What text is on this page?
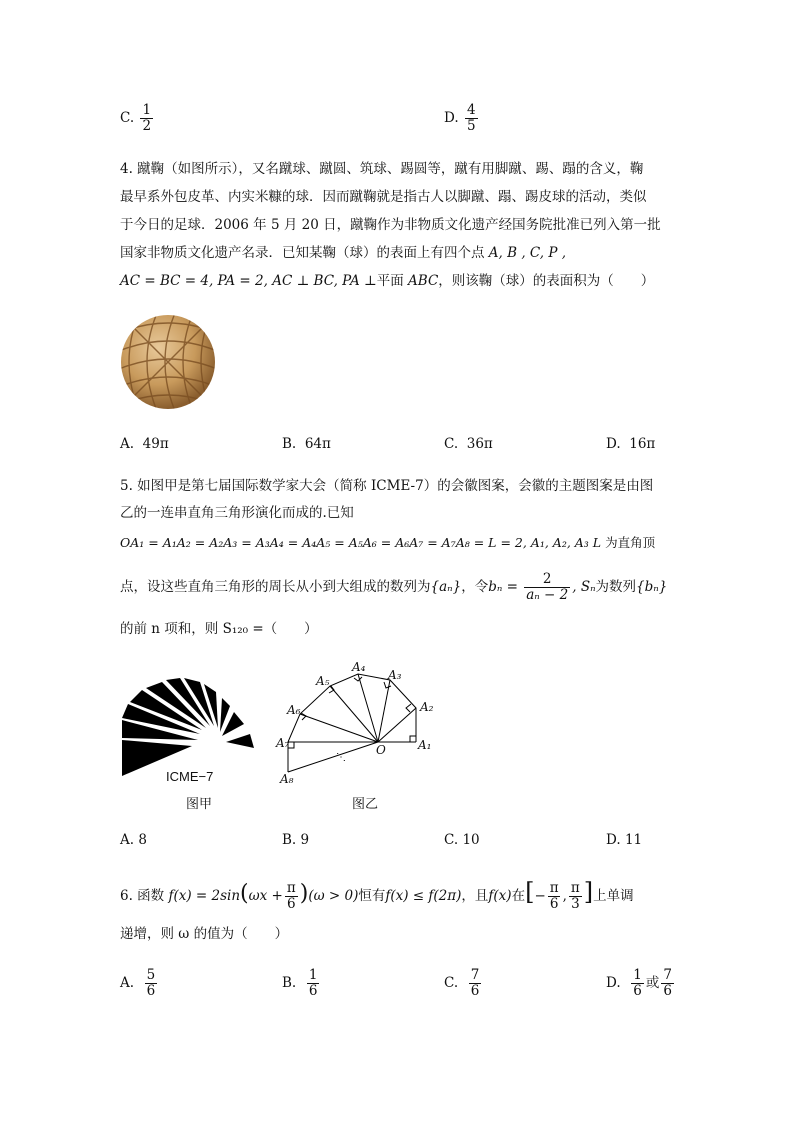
C. $\frac{1}{2}$	D. $\frac{4}{5}$
4. 蹴鞠（如图所示），又名蹴球、蹴圆、筑球、踢圆等，蹴有用脚蹴、踢、蹋的含义，鞠
最早系外包皮革、内实米糠的球．因而蹴鞠就是指古人以脚蹴、蹋、踢皮球的活动，类似
于今日的足球．2006 年 5 月 20 日，蹴鞠作为非物质文化遗产经国务院批准已列入第一批
国家非物质文化遗产名录．已知某鞠（球）的表面上有四个点 A, B , C, P ,
AC = BC = 4, PA = 2, AC ⊥ BC, PA ⊥平面 ABC，则该鞠（球）的表面积为（　　）
A. 49π	B. 64π	C. 36π	D. 16π
5. 如图甲是第七届国际数学家大会（简称 ICME-7）的会徽图案，会徽的主题图案是由图
乙的一连串直角三角形演化而成的.已知
OA₁ = A₁A₂ = A₂A₃ = A₃A₄ = A₄A₅ = A₅A₆ = A₆A₇ = A₇A₈ = L = 2, A₁, A₂, A₃ L 为直角顶
点，设这些直角三角形的周长从小到大组成的数列为{aₙ}，令$b_n = \frac{2}{\text{aₙ − 2}}$ , Sₙ为数列{bₙ}
的前 n 项和，则 S₁₂₀ =（　　）
ICME−7
图甲
⋱
A₁
A₂
A₃
A₄
A₅
A₆
A₇
A₈
O
图乙
A. 8	B. 9	C. 10	D. 11
6. 函数 $f(x) = 2\sin(\omega x + \frac{\pi}{6} )(\omega > 0)$恒有f(x) ≤ f(2π)，且f(x)在[− $\frac{\pi}{6}$ , $\frac{\pi}{3}$ ]上单调
递增，则 ω 的值为（　　）
A. $\frac{5}{6}$	B. $\frac{1}{6}$	C. $\frac{7}{6}$	D. $\frac{1}{6}$ 或 $\frac{7}{6}$
